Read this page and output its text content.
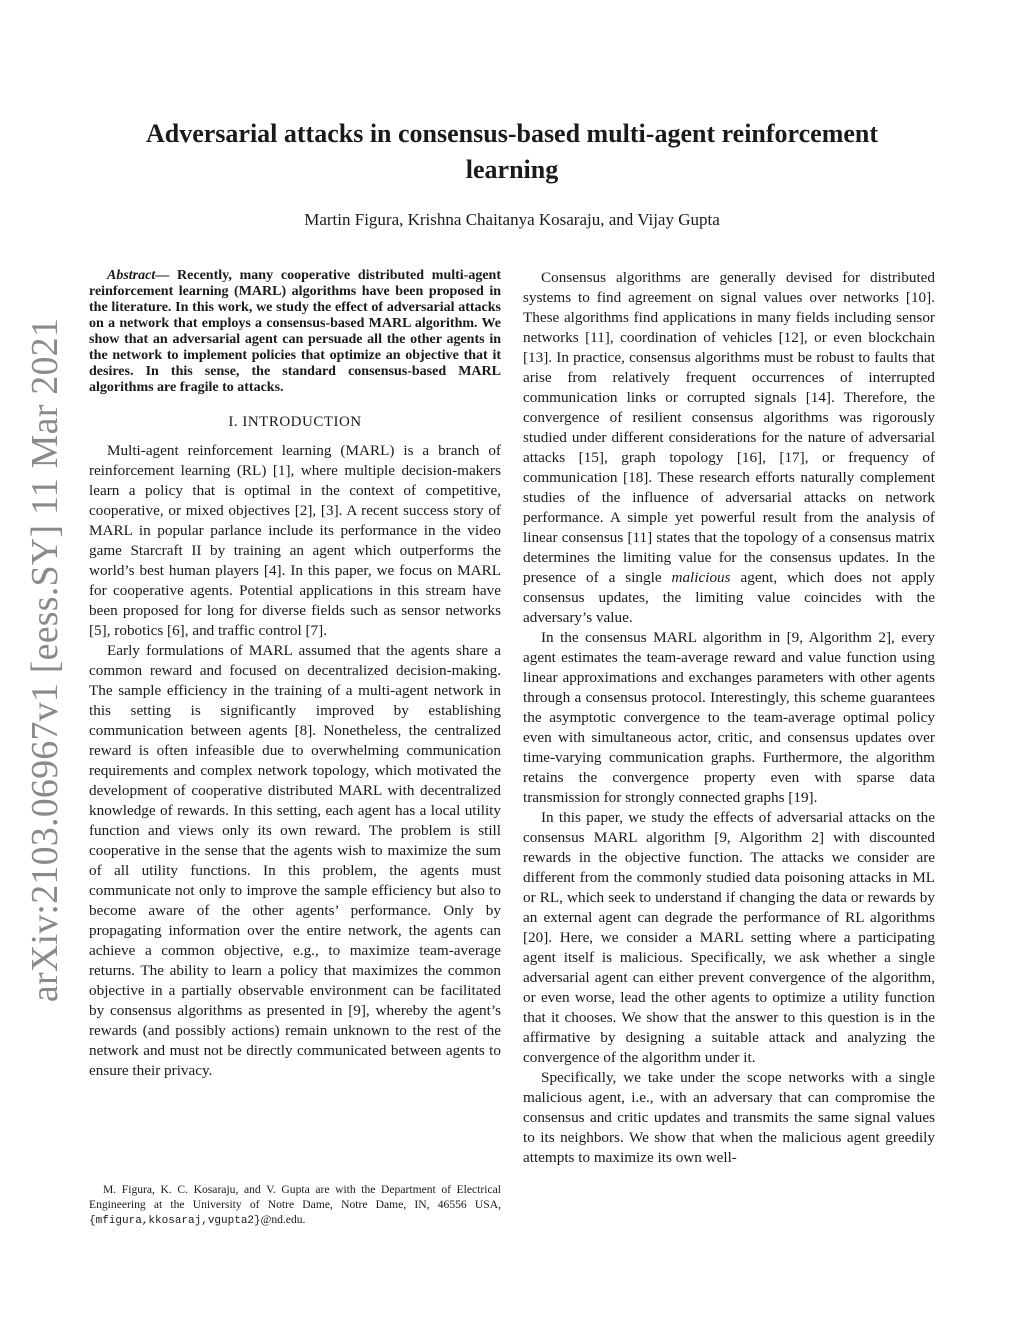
arXiv:2103.06967v1 [eess.SY] 11 Mar 2021
Adversarial attacks in consensus-based multi-agent reinforcement learning

Martin Figura, Krishna Chaitanya Kosaraju, and Vijay Gupta

Abstract— Recently, many cooperative distributed multi-agent reinforcement learning (MARL) algorithms have been proposed in the literature. In this work, we study the effect of adversarial attacks on a network that employs a consensus-based MARL algorithm. We show that an adversarial agent can persuade all the other agents in the network to implement policies that optimize an objective that it desires. In this sense, the standard consensus-based MARL algorithms are fragile to attacks.

I. INTRODUCTION

Multi-agent reinforcement learning (MARL) is a branch of reinforcement learning (RL) [1], where multiple decision-makers learn a policy that is optimal in the context of competitive, cooperative, or mixed objectives [2], [3]. A recent success story of MARL in popular parlance include its performance in the video game Starcraft II by training an agent which outperforms the world’s best human players [4]. In this paper, we focus on MARL for cooperative agents. Potential applications in this stream have been proposed for long for diverse fields such as sensor networks [5], robotics [6], and traffic control [7].

Early formulations of MARL assumed that the agents share a common reward and focused on decentralized decision-making. The sample efficiency in the training of a multi-agent network in this setting is significantly improved by establishing communication between agents [8]. Nonetheless, the centralized reward is often infeasible due to overwhelming communication requirements and complex network topology, which motivated the development of cooperative distributed MARL with decentralized knowledge of rewards. In this setting, each agent has a local utility function and views only its own reward. The problem is still cooperative in the sense that the agents wish to maximize the sum of all utility functions. In this problem, the agents must communicate not only to improve the sample efficiency but also to become aware of the other agents’ performance. Only by propagating information over the entire network, the agents can achieve a common objective, e.g., to maximize team-average returns. The ability to learn a policy that maximizes the common objective in a partially observable environment can be facilitated by consensus algorithms as presented in [9], whereby the agent’s rewards (and possibly actions) remain unknown to the rest of the network and must not be directly communicated between agents to ensure their privacy.

M. Figura, K. C. Kosaraju, and V. Gupta are with the Department of Electrical Engineering at the University of Notre Dame, Notre Dame, IN, 46556 USA, {mfigura,kkosaraj,vgupta2}@nd.edu.

Consensus algorithms are generally devised for distributed systems to find agreement on signal values over networks [10]. These algorithms find applications in many fields including sensor networks [11], coordination of vehicles [12], or even blockchain [13]. In practice, consensus algorithms must be robust to faults that arise from relatively frequent occurrences of interrupted communication links or corrupted signals [14]. Therefore, the convergence of resilient consensus algorithms was rigorously studied under different considerations for the nature of adversarial attacks [15], graph topology [16], [17], or frequency of communication [18]. These research efforts naturally complement studies of the influence of adversarial attacks on network performance. A simple yet powerful result from the analysis of linear consensus [11] states that the topology of a consensus matrix determines the limiting value for the consensus updates. In the presence of a single malicious agent, which does not apply consensus updates, the limiting value coincides with the adversary’s value.

In the consensus MARL algorithm in [9, Algorithm 2], every agent estimates the team-average reward and value function using linear approximations and exchanges parameters with other agents through a consensus protocol. Interestingly, this scheme guarantees the asymptotic convergence to the team-average optimal policy even with simultaneous actor, critic, and consensus updates over time-varying communication graphs. Furthermore, the algorithm retains the convergence property even with sparse data transmission for strongly connected graphs [19].

In this paper, we study the effects of adversarial attacks on the consensus MARL algorithm [9, Algorithm 2] with discounted rewards in the objective function. The attacks we consider are different from the commonly studied data poisoning attacks in ML or RL, which seek to understand if changing the data or rewards by an external agent can degrade the performance of RL algorithms [20]. Here, we consider a MARL setting where a participating agent itself is malicious. Specifically, we ask whether a single adversarial agent can either prevent convergence of the algorithm, or even worse, lead the other agents to optimize a utility function that it chooses. We show that the answer to this question is in the affirmative by designing a suitable attack and analyzing the convergence of the algorithm under it.

Specifically, we take under the scope networks with a single malicious agent, i.e., with an adversary that can compromise the consensus and critic updates and transmits the same signal values to its neighbors. We show that when the malicious agent greedily attempts to maximize its own well-
